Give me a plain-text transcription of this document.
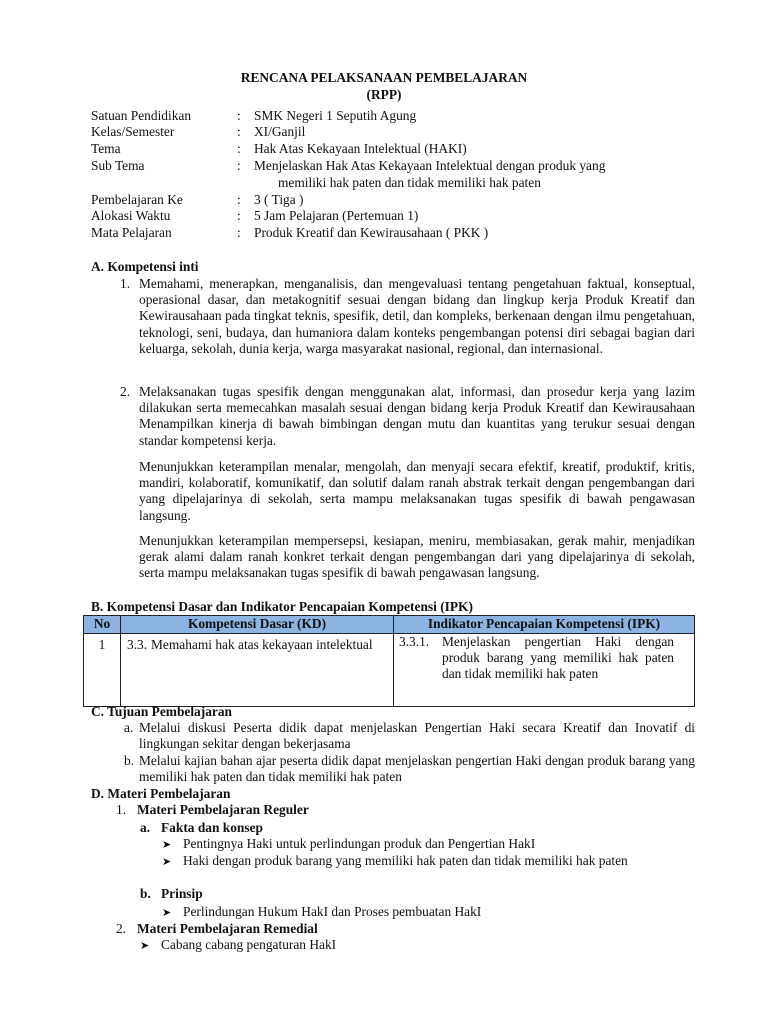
RENCANA PELAKSANAAN PEMBELAJARAN
(RPP)
Satuan Pendidikan	: SMK Negeri 1 Seputih Agung
Kelas/Semester	: XI/Ganjil
Tema	: Hak Atas Kekayaan Intelektual (HAKI)
Sub Tema	: Menjelaskan Hak Atas Kekayaan Intelektual dengan produk yang
memiliki hak paten dan tidak memiliki hak paten
Pembelajaran Ke	: 3 ( Tiga )
Alokasi Waktu	: 5 Jam Pelajaran (Pertemuan 1)
Mata Pelajaran	: Produk Kreatif dan Kewirausahaan ( PKK )
A. Kompetensi inti
1. Memahami, menerapkan, menganalisis, dan mengevaluasi tentang pengetahuan faktual, konseptual, operasional dasar, dan metakognitif sesuai dengan bidang dan lingkup kerja Produk Kreatif dan Kewirausahaan pada tingkat teknis, spesifik, detil, dan kompleks, berkenaan dengan ilmu pengetahuan, teknologi, seni, budaya, dan humaniora dalam konteks pengembangan potensi diri sebagai bagian dari keluarga, sekolah, dunia kerja, warga masyarakat nasional, regional, dan internasional.
2. Melaksanakan tugas spesifik dengan menggunakan alat, informasi, dan prosedur kerja yang lazim dilakukan serta memecahkan masalah sesuai dengan bidang kerja Produk Kreatif dan Kewirausahaan Menampilkan kinerja di bawah bimbingan dengan mutu dan kuantitas yang terukur sesuai dengan standar kompetensi kerja.
Menunjukkan keterampilan menalar, mengolah, dan menyaji secara efektif, kreatif, produktif, kritis, mandiri, kolaboratif, komunikatif, dan solutif dalam ranah abstrak terkait dengan pengembangan dari yang dipelajarinya di sekolah, serta mampu melaksanakan tugas spesifik di bawah pengawasan langsung.
Menunjukkan keterampilan mempersepsi, kesiapan, meniru, membiasakan, gerak mahir, menjadikan gerak alami dalam ranah konkret terkait dengan pengembangan dari yang dipelajarinya di sekolah, serta mampu melaksanakan tugas spesifik di bawah pengawasan langsung.
B. Kompetensi Dasar dan Indikator Pencapaian Kompetensi (IPK)
No	Kompetensi Dasar (KD)	Indikator Pencapaian Kompetensi (IPK)
1	3.3. Memahami hak atas kekayaan intelektual	3.3.1. Menjelaskan pengertian Haki dengan produk barang yang memiliki hak paten dan tidak memiliki hak paten
C. Tujuan Pembelajaran
a. Melalui diskusi Peserta didik dapat menjelaskan Pengertian Haki secara Kreatif dan Inovatif di lingkungan sekitar dengan bekerjasama
b. Melalui kajian bahan ajar peserta didik dapat menjelaskan pengertian Haki dengan produk barang yang memiliki hak paten dan tidak memiliki hak paten
D. Materi Pembelajaran
1. Materi Pembelajaran Reguler
a. Fakta dan konsep
➤ Pentingnya Haki untuk perlindungan produk dan Pengertian HakI
➤ Haki dengan produk barang yang memiliki hak paten dan tidak memiliki hak paten
b. Prinsip
➤ Perlindungan Hukum HakI dan Proses pembuatan HakI
2. Materi Pembelajaran Remedial
➤ Cabang cabang pengaturan HakI
